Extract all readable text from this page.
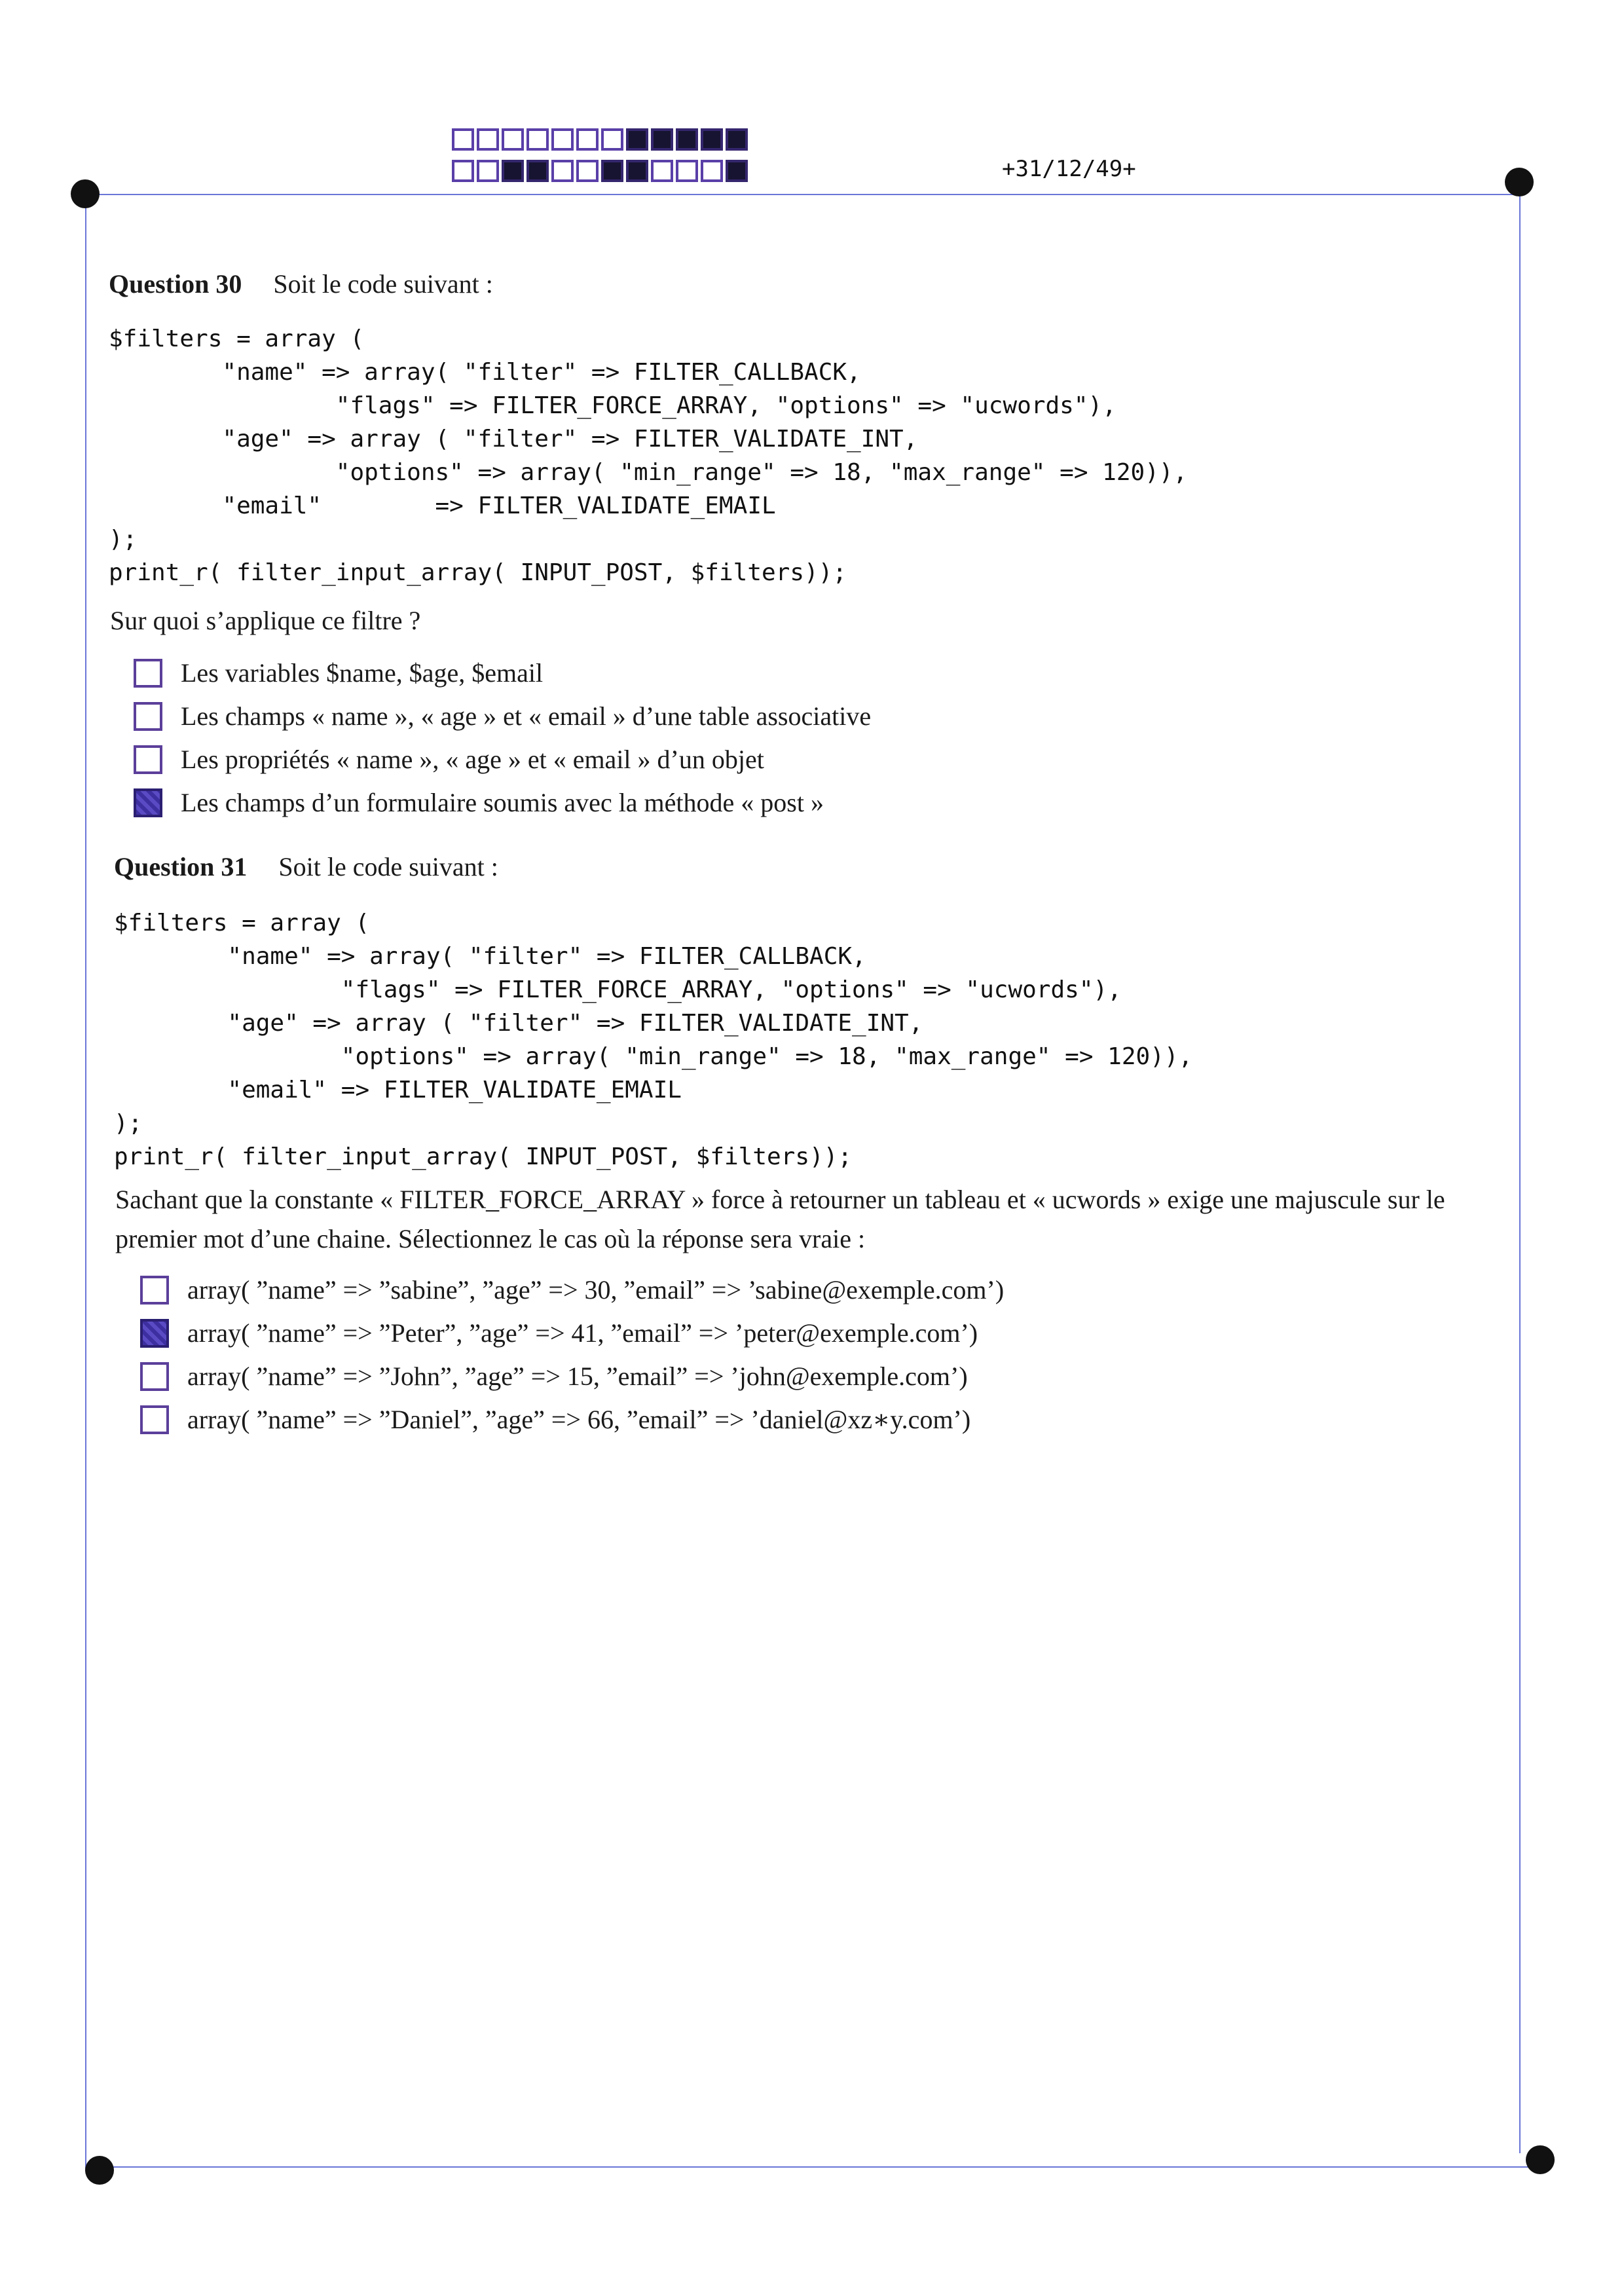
+31/12/49+
Question 30 Soit le code suivant :
$filters = array (
"name" => array( "filter" => FILTER_CALLBACK,
"flags" => FILTER_FORCE_ARRAY, "options" => "ucwords"),
"age" => array ( "filter" => FILTER_VALIDATE_INT,
"options" => array( "min_range" => 18, "max_range" => 120)),
"email"        => FILTER_VALIDATE_EMAIL
);
print_r( filter_input_array( INPUT_POST, $filters));
Sur quoi s’applique ce filtre ?
Les variables $name, $age, $email
Les champs « name », « age » et « email » d’une table associative
Les propriétés « name », « age » et « email » d’un objet
Les champs d’un formulaire soumis avec la méthode « post »
Question 31 Soit le code suivant :
$filters = array (
"name" => array( "filter" => FILTER_CALLBACK,
"flags" => FILTER_FORCE_ARRAY, "options" => "ucwords"),
"age" => array ( "filter" => FILTER_VALIDATE_INT,
"options" => array( "min_range" => 18, "max_range" => 120)),
"email" => FILTER_VALIDATE_EMAIL
);
print_r( filter_input_array( INPUT_POST, $filters));
Sachant que la constante « FILTER_FORCE_ARRAY » force à retourner un tableau et « ucwords » exige une majuscule sur le
premier mot d’une chaine. Sélectionnez le cas où la réponse sera vraie :
array( ”name” => ”sabine”, ”age” => 30, ”email” => ’sabine@exemple.com’)
array( ”name” => ”Peter”, ”age” => 41, ”email” => ’peter@exemple.com’)
array( ”name” => ”John”, ”age” => 15, ”email” => ’john@exemple.com’)
array( ”name” => ”Daniel”, ”age” => 66, ”email” => ’daniel@xz∗y.com’)
